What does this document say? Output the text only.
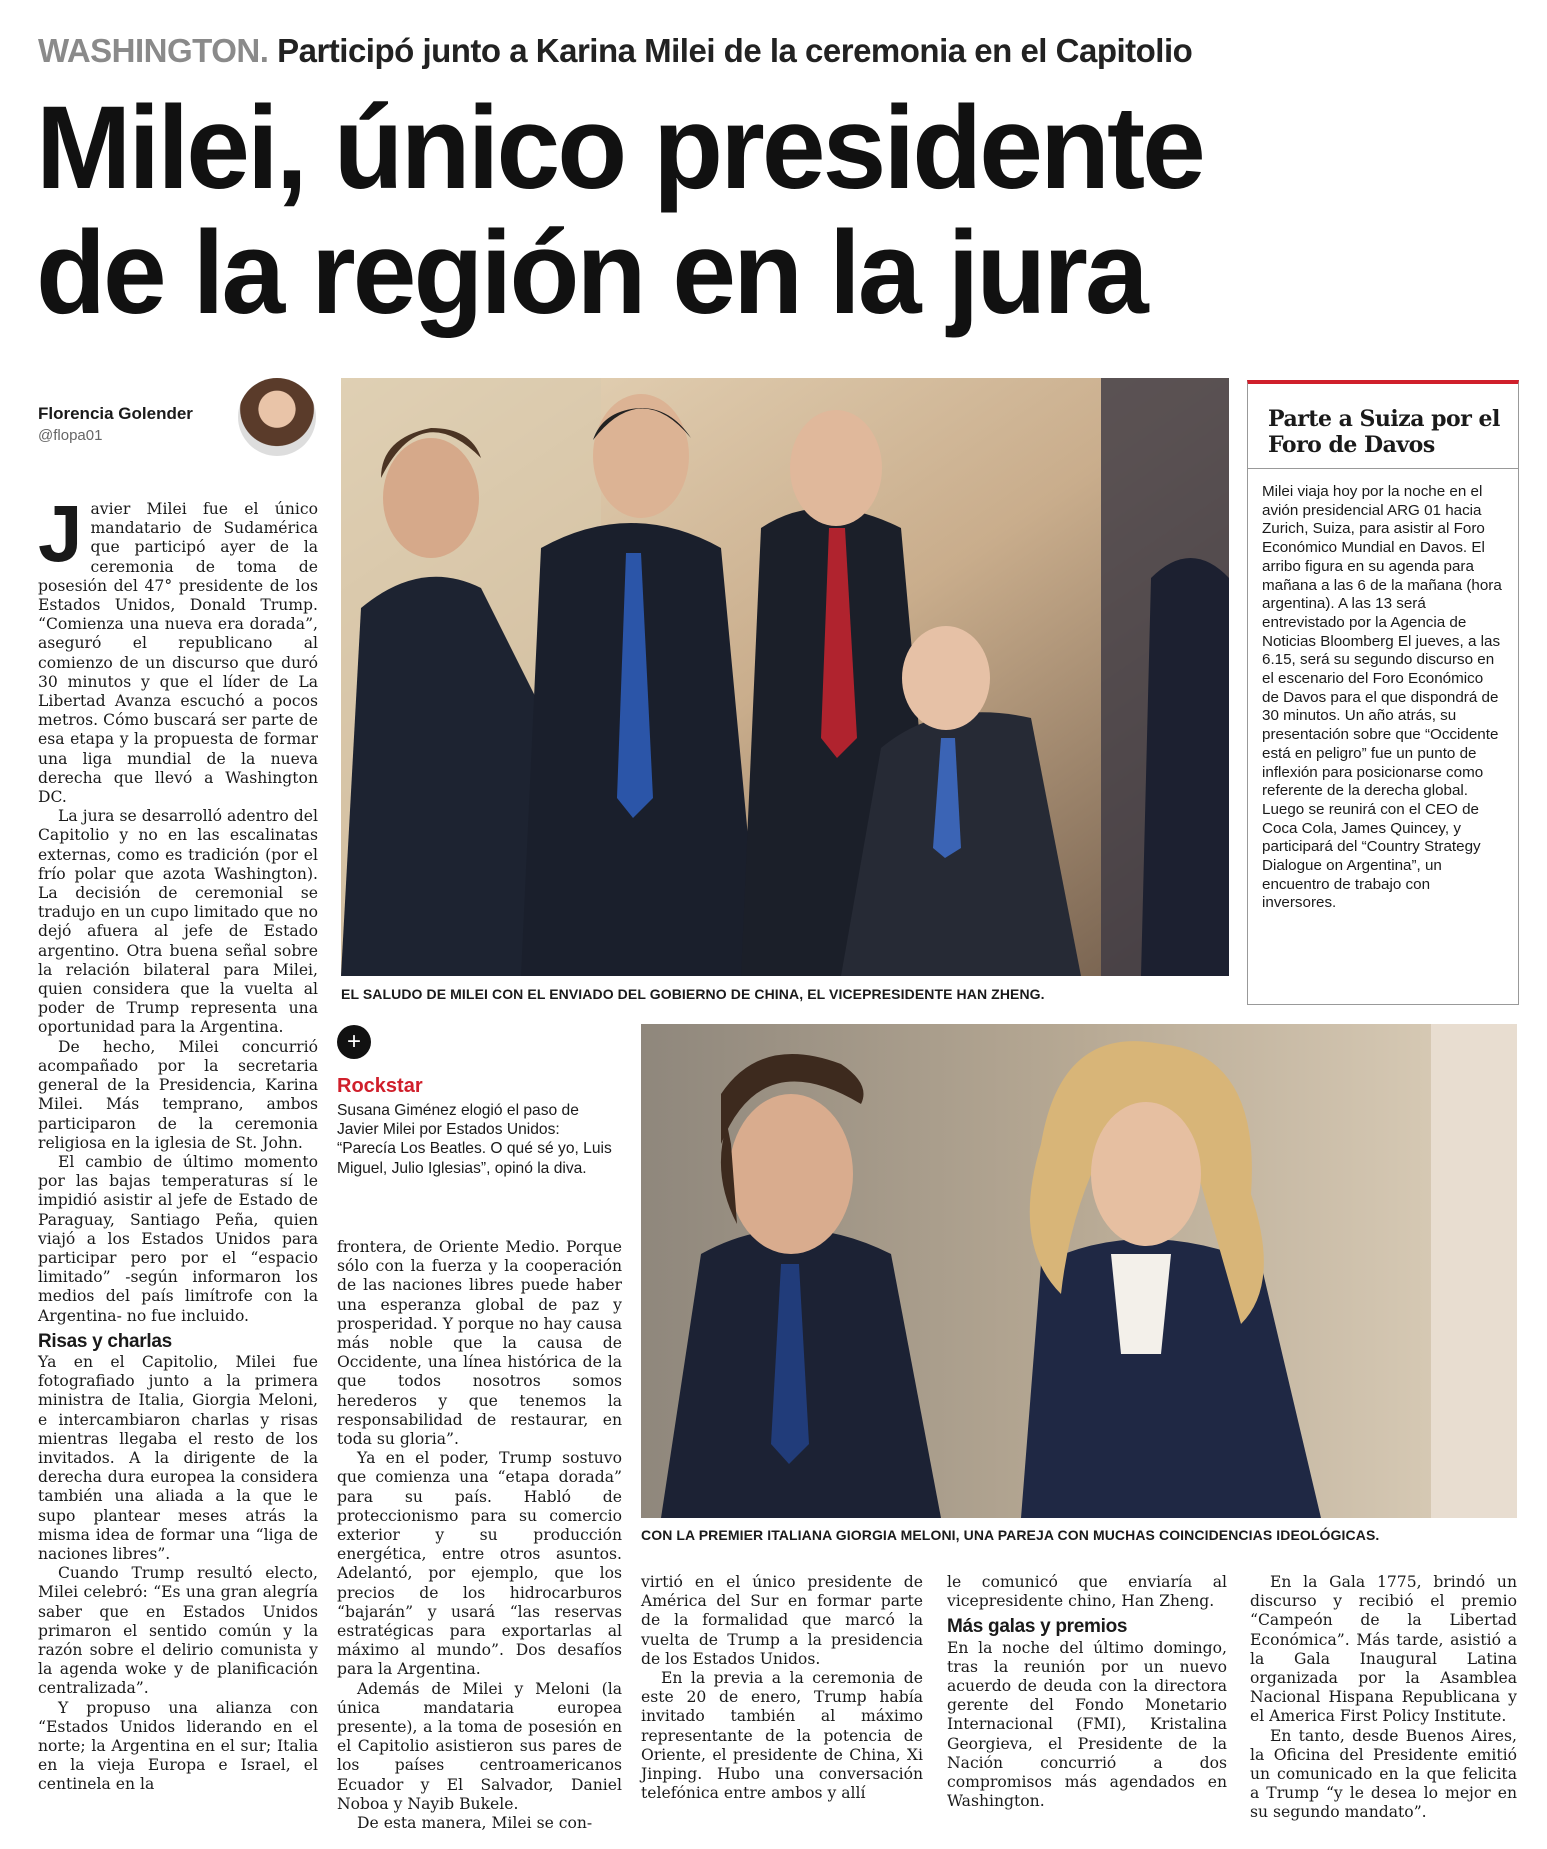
WASHINGTON. Participó junto a Karina Milei de la ceremonia en el Capitolio
Milei, único presidente
de la región en la jura
Florencia Golender
@flopa01
EL SALUDO DE MILEI CON EL ENVIADO DEL GOBIERNO DE CHINA, EL VICEPRESIDENTE HAN ZHENG.
Parte a Suiza por el Foro de Davos
Milei viaja hoy por la noche en el avión presidencial ARG 01 hacia Zurich, Suiza, para asistir al Foro Económico Mundial en Davos. El arribo figura en su agenda para mañana a las 6 de la mañana (hora argentina). A las 13 será entrevistado por la Agencia de Noticias Bloomberg El jueves, a las 6.15, será su segundo discurso en el escenario del Foro Económico de Davos para el que dispondrá de 30 minutos. Un año atrás, su presentación sobre que “Occidente está en peligro” fue un punto de inflexión para posicionarse como referente de la derecha global. Luego se reunirá con el CEO de Coca Cola, James Quincey, y participará del “Country Strategy Dialogue on Argentina”, un encuentro de trabajo con inversores.
CON LA PREMIER ITALIANA GIORGIA MELONI, UNA PAREJA CON MUCHAS COINCIDENCIAS IDEOLÓGICAS.
+
Rockstar
Susana Giménez elogió el paso de Javier Milei por Estados Unidos: “Parecía Los Beatles. O qué sé yo, Luis Miguel, Julio Iglesias”, opinó la diva.

Javier Milei fue el único mandatario de Sudamérica que participó ayer de la ceremonia de toma de posesión del 47° presidente de los Estados Unidos, Donald Trump. “Comienza una nueva era dorada”, aseguró el republicano al comienzo de un discurso que duró 30 minutos y que el líder de La Libertad Avanza escuchó a pocos metros. Cómo buscará ser parte de esa etapa y la propuesta de formar una liga mundial de la nueva derecha que llevó a Washington DC.

La jura se desarrolló adentro del Capitolio y no en las escalinatas externas, como es tradición (por el frío polar que azota Washington). La decisión de ceremonial se tradujo en un cupo limitado que no dejó afuera al jefe de Estado argentino. Otra buena señal sobre la relación bilateral para Milei, quien considera que la vuelta al poder de Trump representa una oportunidad para la Argentina.

De hecho, Milei concurrió acompañado por la secretaria general de la Presidencia, Karina Milei. Más temprano, ambos participaron de la ceremonia religiosa en la iglesia de St. John.

El cambio de último momento por las bajas temperaturas sí le impidió asistir al jefe de Estado de Paraguay, Santiago Peña, quien viajó a los Estados Unidos para participar pero por el “espacio limitado” -según informaron los medios del país limítrofe con la Argentina- no fue incluido.

Risas y charlas

Ya en el Capitolio, Milei fue fotografiado junto a la primera ministra de Italia, Giorgia Meloni, e intercambiaron charlas y risas mientras llegaba el resto de los invitados. A la dirigente de la derecha dura europea la considera también una aliada a la que le supo plantear meses atrás la misma idea de formar una “liga de naciones libres”.

Cuando Trump resultó electo, Milei celebró: “Es una gran alegría saber que en Estados Unidos primaron el sentido común y la razón sobre el delirio comunista y la agenda woke y de planificación centralizada”.

Y propuso una alianza con “Estados Unidos liderando en el norte; la Argentina en el sur; Italia en la vieja Europa e Israel, el centinela en la

frontera, de Oriente Medio. Porque sólo con la fuerza y la cooperación de las naciones libres puede haber una esperanza global de paz y prosperidad. Y porque no hay causa más noble que la causa de Occidente, una línea histórica de la que todos nosotros somos herederos y que tenemos la responsabilidad de restaurar, en toda su gloria”.

Ya en el poder, Trump sostuvo que comienza una “etapa dorada” para su país. Habló de proteccionismo para su comercio exterior y su producción energética, entre otros asuntos. Adelantó, por ejemplo, que los precios de los hidrocarburos “bajarán” y usará “las reservas estratégicas para exportarlas al máximo al mundo”. Dos desafíos para la Argentina.

Además de Milei y Meloni (la única mandataria europea presente), a la toma de posesión en el Capitolio asistieron sus pares de los países centroamericanos Ecuador y El Salvador, Daniel Noboa y Nayib Bukele.

De esta manera, Milei se con-

virtió en el único presidente de América del Sur en formar parte de la formalidad que marcó la vuelta de Trump a la presidencia de los Estados Unidos.

En la previa a la ceremonia de este 20 de enero, Trump había invitado también al máximo representante de la potencia de Oriente, el presidente de China, Xi Jinping. Hubo una conversación telefónica entre ambos y allí

le comunicó que enviaría al vicepresidente chino, Han Zheng.

Más galas y premios

En la noche del último domingo, tras la reunión por un nuevo acuerdo de deuda con la directora gerente del Fondo Monetario Internacional (FMI), Kristalina Georgieva, el Presidente de la Nación concurrió a dos compromisos más agendados en Washington.

En la Gala 1775, brindó un discurso y recibió el premio “Campeón de la Libertad Económica”. Más tarde, asistió a la Gala Inaugural Latina organizada por la Asamblea Nacional Hispana Republicana y el America First Policy Institute.

En tanto, desde Buenos Aires, la Oficina del Presidente emitió un comunicado en la que felicita a Trump “y le desea lo mejor en su segundo mandato”.
